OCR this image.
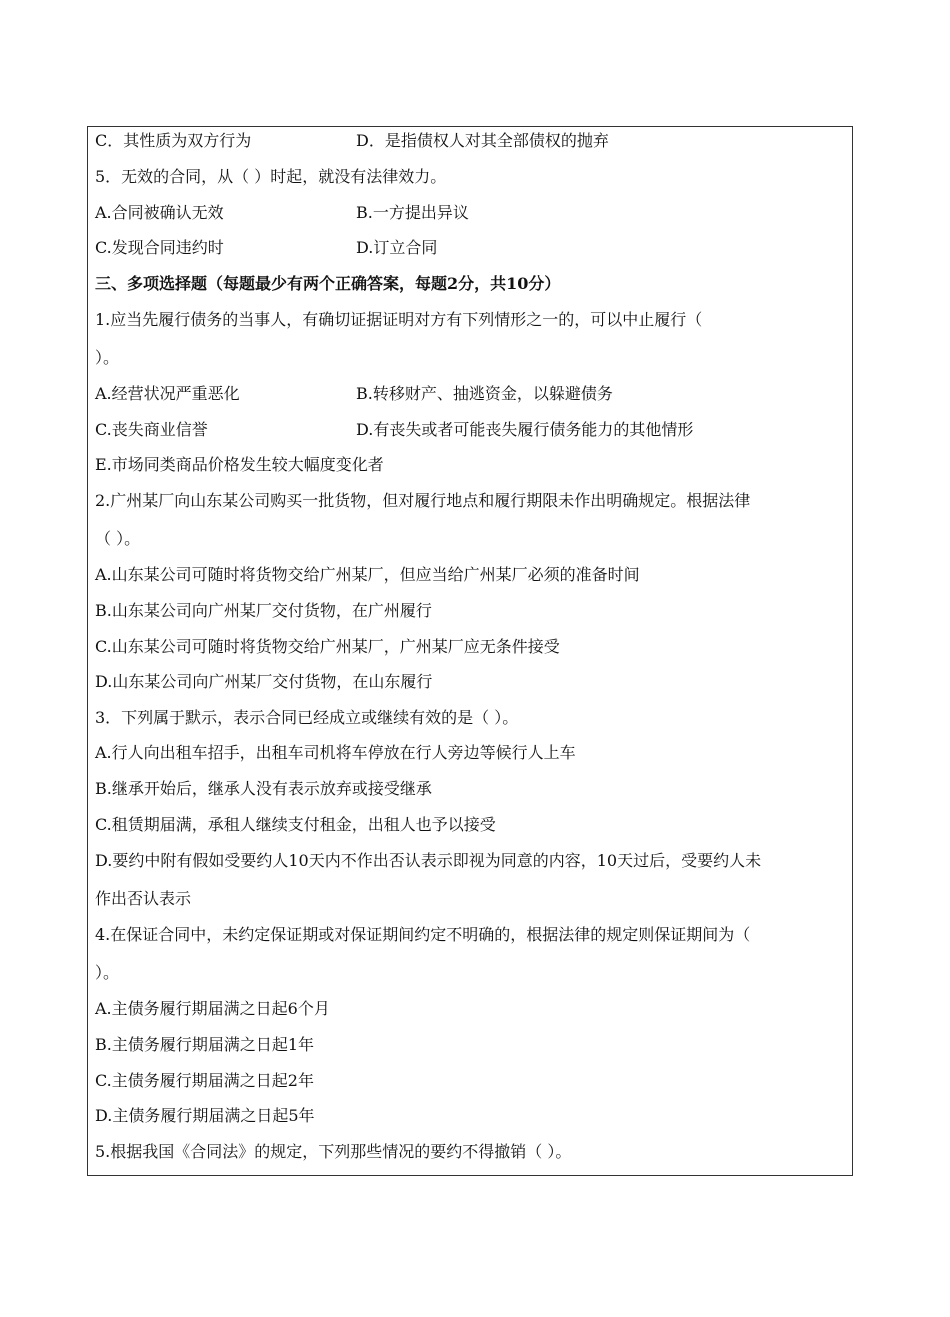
C．其性质为双方行为	D．是指债权人对其全部债权的抛弃
5．无效的合同，从（ ）时起，就没有法律效力。
A.合同被确认无效	B.一方提出异议
C.发现合同违约时	D.订立合同
三、多项选择题（每题最少有两个正确答案，每题2分，共10分）
1.应当先履行债务的当事人，有确切证据证明对方有下列情形之一的，可以中止履行（
）。
A.经营状况严重恶化	B.转移财产、抽逃资金，以躲避债务
C.丧失商业信誉	D.有丧失或者可能丧失履行债务能力的其他情形
E.市场同类商品价格发生较大幅度变化者
2.广州某厂向山东某公司购买一批货物，但对履行地点和履行期限未作出明确规定。根据法律
（ ）。
A.山东某公司可随时将货物交给广州某厂，但应当给广州某厂必须的准备时间
B.山东某公司向广州某厂交付货物，在广州履行
C.山东某公司可随时将货物交给广州某厂，广州某厂应无条件接受
D.山东某公司向广州某厂交付货物，在山东履行
3．下列属于默示，表示合同已经成立或继续有效的是（ ）。
A.行人向出租车招手，出租车司机将车停放在行人旁边等候行人上车
B.继承开始后，继承人没有表示放弃或接受继承
C.租赁期届满，承租人继续支付租金，出租人也予以接受
D.要约中附有假如受要约人10天内不作出否认表示即视为同意的内容，10天过后，受要约人未
作出否认表示
4.在保证合同中，未约定保证期或对保证期间约定不明确的，根据法律的规定则保证期间为（
）。
A.主债务履行期届满之日起6个月
B.主债务履行期届满之日起1年
C.主债务履行期届满之日起2年
D.主债务履行期届满之日起5年
5.根据我国《合同法》的规定，下列那些情况的要约不得撤销（ ）。
